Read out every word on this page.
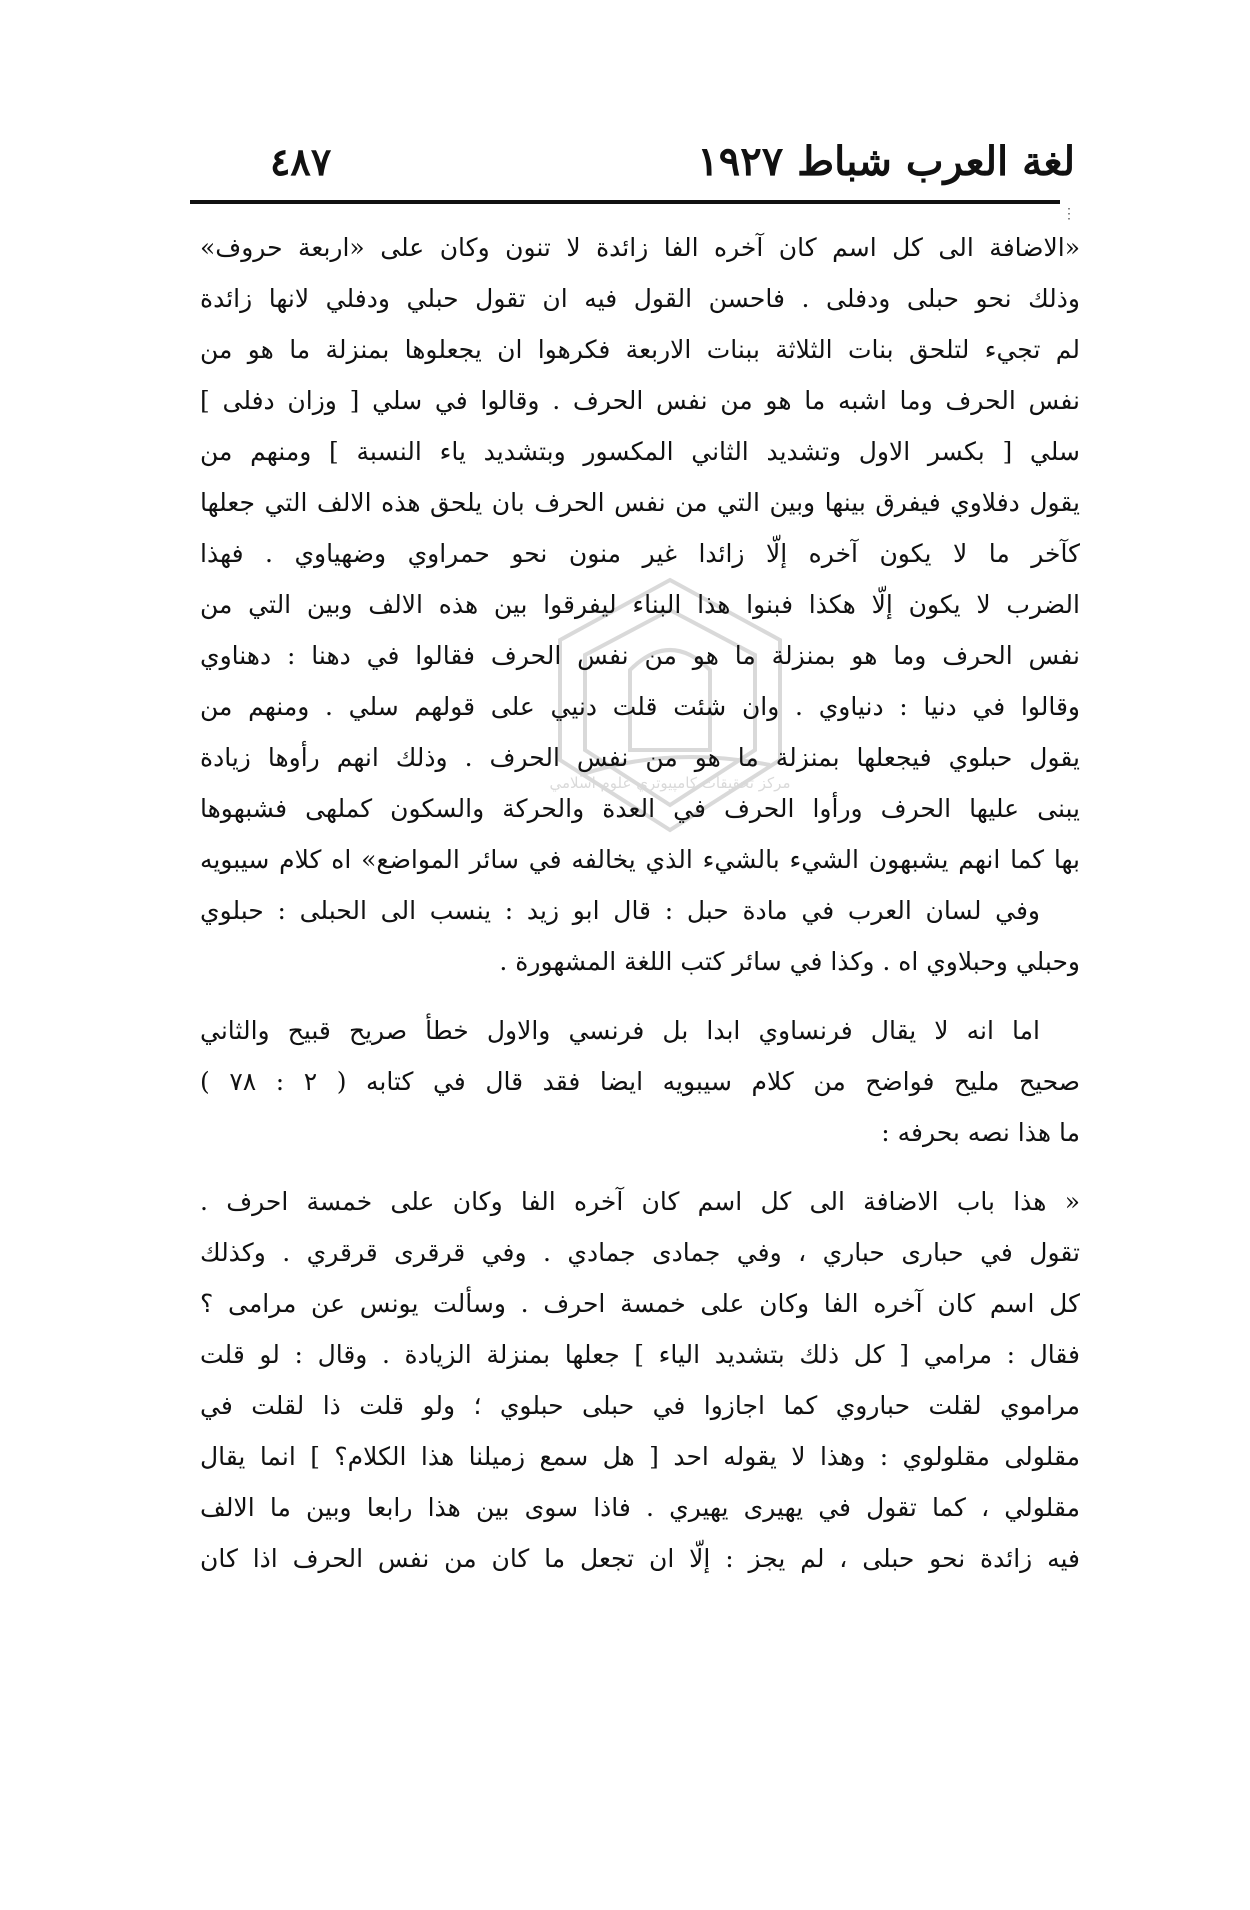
لغة العرب شباط ١٩٢٧
٤٨٧
⋮
مركز تحقيقات كامپيوتري علوم اسلامي
«الاضافة الى كل اسم كان آخره الفا زائدة لا تنون وكان على «اربعة حروف»
وذلك نحو حبلى ودفلى . فاحسن القول فيه ان تقول حبلي ودفلي لانها زائدة
لم تجيء لتلحق بنات الثلاثة ببنات الاربعة فكرهوا ان يجعلوها بمنزلة ما هو من
نفس الحرف وما اشبه ما هو من نفس الحرف . وقالوا في سلي [ وزان دفلى ]
سلي [ بكسر الاول وتشديد الثاني المكسور وبتشديد ياء النسبة ] ومنهم من
يقول دفلاوي فيفرق بينها وبين التي من نفس الحرف بان يلحق هذه الالف التي جعلها
كآخر ما لا يكون آخره إلّا زائدا غير منون نحو حمراوي وضهياوي . فهذا
الضرب لا يكون إلّا هكذا فبنوا هذا البناء ليفرقوا بين هذه الالف وبين التي من
نفس الحرف وما هو بمنزلة ما هو من نفس الحرف فقالوا في دهنا : دهناوي
وقالوا في دنيا : دنياوي . وان شئت قلت دنيي على قولهم سلي . ومنهم من
يقول حبلوي فيجعلها بمنزلة ما هو من نفس الحرف . وذلك انهم رأوها زيادة
يبنى عليها الحرف ورأوا الحرف في العدة والحركة والسكون كملهى فشبهوها
بها كما انهم يشبهون الشيء بالشيء الذي يخالفه في سائر المواضع» اه كلام سيبويه
وفي لسان العرب في مادة حبل : قال ابو زيد : ينسب الى الحبلى : حبلوي
وحبلي وحبلاوي اه . وكذا في سائر كتب اللغة المشهورة .
اما انه لا يقال فرنساوي ابدا بل فرنسي والاول خطأ صريح قبيح والثاني
صحيح مليح فواضح من كلام سيبويه ايضا فقد قال في كتابه ( ٢ : ٧٨ )
ما هذا نصه بحرفه :
« هذا باب الاضافة الى كل اسم كان آخره الفا وكان على خمسة احرف .
تقول في حبارى حباري ، وفي جمادى جمادي . وفي قرقرى قرقري . وكذلك
كل اسم كان آخره الفا وكان على خمسة احرف . وسألت يونس عن مرامى ؟
فقال : مرامي [ كل ذلك بتشديد الياء ] جعلها بمنزلة الزيادة . وقال : لو قلت
مراموي لقلت حباروي كما اجازوا في حبلى حبلوي ؛ ولو قلت ذا لقلت في
مقلولى مقلولوي : وهذا لا يقوله احد [ هل سمع زميلنا هذا الكلام؟ ] انما يقال
مقلولي ، كما تقول في يهيرى يهيري . فاذا سوى بين هذا رابعا وبين ما الالف
فيه زائدة نحو حبلى ، لم يجز : إلّا ان تجعل ما كان من نفس الحرف اذا كان
